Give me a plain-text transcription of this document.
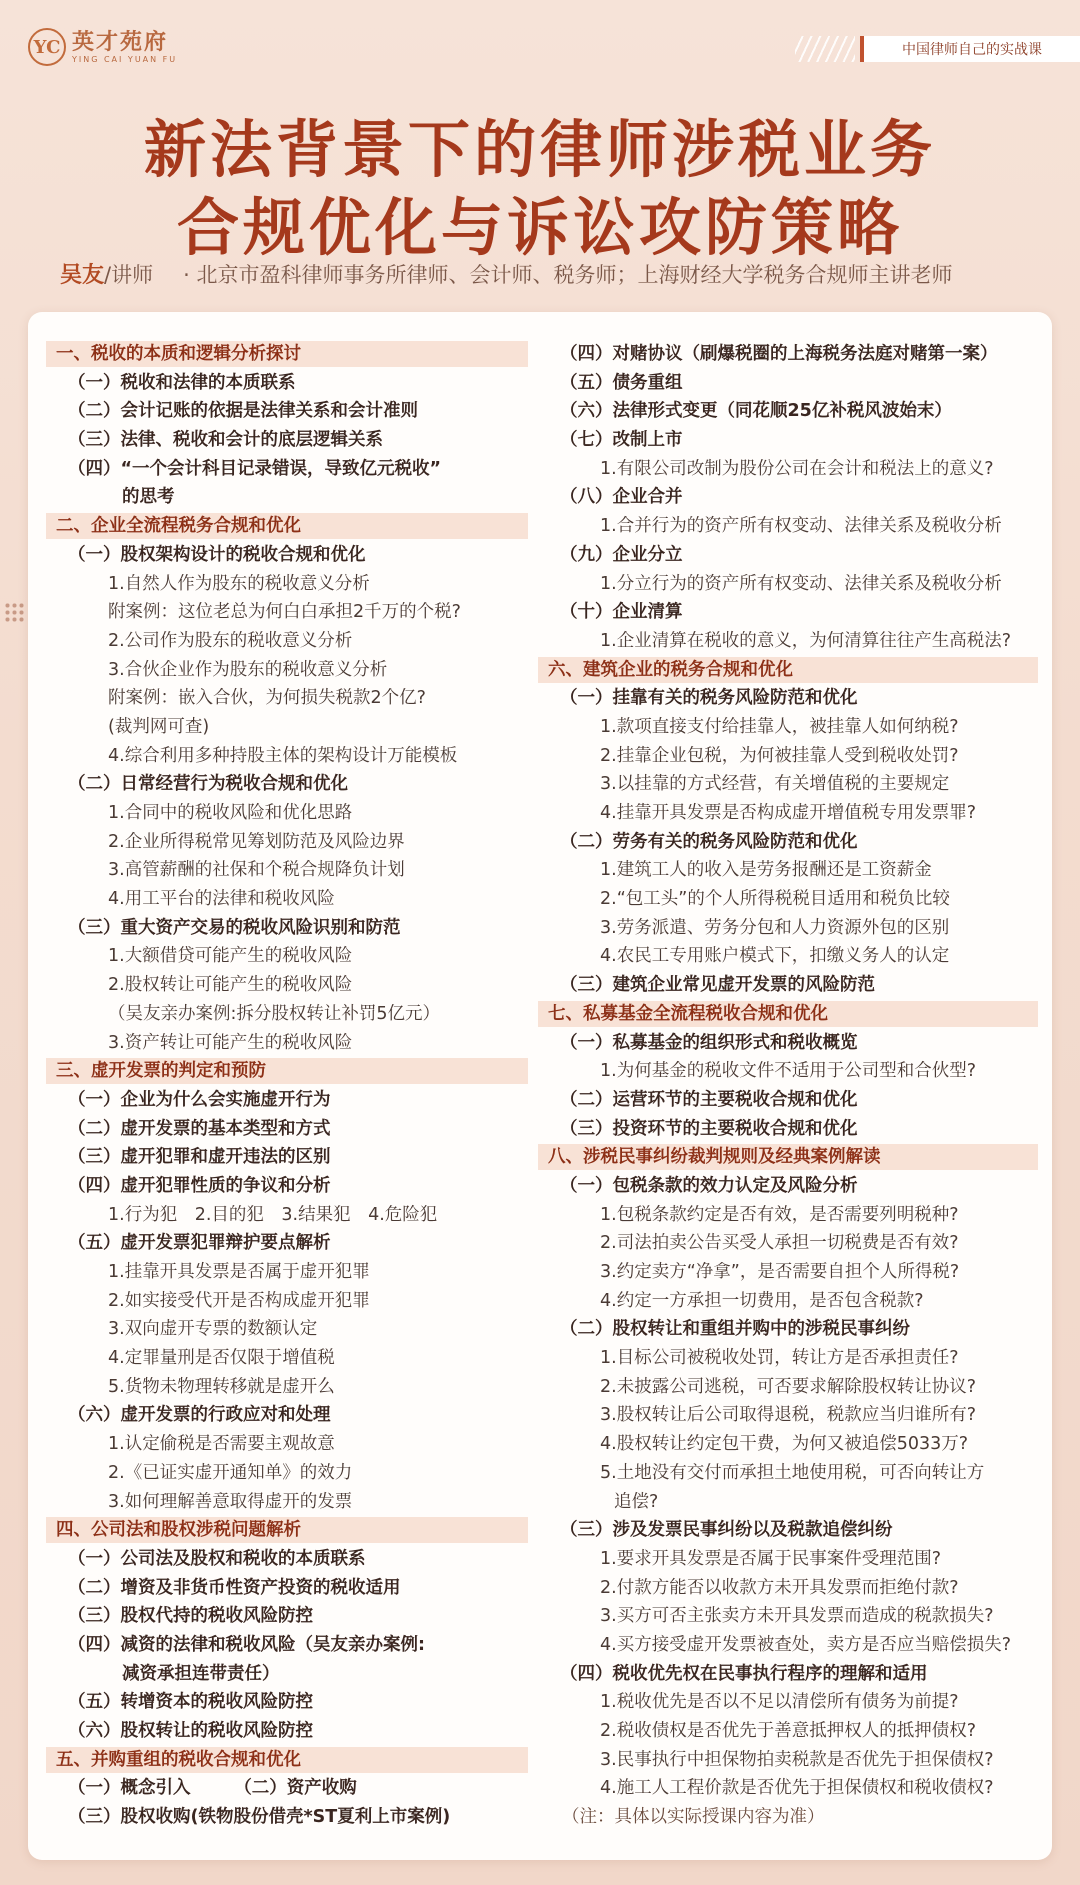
YC 英才苑府
YING CAI YUAN FU
中国律师自己的实战课
新法背景下的律师涉税业务
合规优化与诉讼攻防策略
吴友/讲师 · 北京市盈科律师事务所律师、会计师、税务师；上海财经大学税务合规师主讲老师
一、税收的本质和逻辑分析探讨
（一）税收和法律的本质联系
（二）会计记账的依据是法律关系和会计准则
（三）法律、税收和会计的底层逻辑关系
（四）“一个会计科目记录错误，导致亿元税收”
的思考
二、企业全流程税务合规和优化
（一）股权架构设计的税收合规和优化
1.自然人作为股东的税收意义分析
附案例：这位老总为何白白承担2千万的个税?
2.公司作为股东的税收意义分析
3.合伙企业作为股东的税收意义分析
附案例：嵌入合伙，为何损失税款2个亿?
(裁判网可查)
4.综合利用多种持股主体的架构设计万能模板
（二）日常经营行为税收合规和优化
1.合同中的税收风险和优化思路
2.企业所得税常见筹划防范及风险边界
3.高管薪酬的社保和个税合规降负计划
4.用工平台的法律和税收风险
（三）重大资产交易的税收风险识别和防范
1.大额借贷可能产生的税收风险
2.股权转让可能产生的税收风险
（吴友亲办案例:拆分股权转让补罚5亿元）
3.资产转让可能产生的税收风险
三、虚开发票的判定和预防
（一）企业为什么会实施虚开行为
（二）虚开发票的基本类型和方式
（三）虚开犯罪和虚开违法的区别
（四）虚开犯罪性质的争议和分析
1.行为犯　2.目的犯　3.结果犯　4.危险犯
（五）虚开发票犯罪辩护要点解析
1.挂靠开具发票是否属于虚开犯罪
2.如实接受代开是否构成虚开犯罪
3.双向虚开专票的数额认定
4.定罪量刑是否仅限于增值税
5.货物未物理转移就是虚开么
（六）虚开发票的行政应对和处理
1.认定偷税是否需要主观故意
2.《已证实虚开通知单》的效力
3.如何理解善意取得虚开的发票
四、公司法和股权涉税问题解析
（一）公司法及股权和税收的本质联系
（二）增资及非货币性资产投资的税收适用
（三）股权代持的税收风险防控
（四）减资的法律和税收风险（吴友亲办案例:
减资承担连带责任）
（五）转增资本的税收风险防控
（六）股权转让的税收风险防控
五、并购重组的税收合规和优化
（一）概念引入　　　（二）资产收购
（三）股权收购(铁物股份借壳*ST夏利上市案例)
（四）对赌协议（刷爆税圈的上海税务法庭对赌第一案）
（五）债务重组
（六）法律形式变更（同花顺25亿补税风波始末）
（七）改制上市
1.有限公司改制为股份公司在会计和税法上的意义?
（八）企业合并
1.合并行为的资产所有权变动、法律关系及税收分析
（九）企业分立
1.分立行为的资产所有权变动、法律关系及税收分析
（十）企业清算
1.企业清算在税收的意义，为何清算往往产生高税法?
六、建筑企业的税务合规和优化
（一）挂靠有关的税务风险防范和优化
1.款项直接支付给挂靠人，被挂靠人如何纳税?
2.挂靠企业包税，为何被挂靠人受到税收处罚?
3.以挂靠的方式经营，有关增值税的主要规定
4.挂靠开具发票是否构成虚开增值税专用发票罪?
（二）劳务有关的税务风险防范和优化
1.建筑工人的收入是劳务报酬还是工资薪金
2.“包工头”的个人所得税税目适用和税负比较
3.劳务派遣、劳务分包和人力资源外包的区别
4.农民工专用账户模式下，扣缴义务人的认定
（三）建筑企业常见虚开发票的风险防范
七、私募基金全流程税收合规和优化
（一）私募基金的组织形式和税收概览
1.为何基金的税收文件不适用于公司型和合伙型?
（二）运营环节的主要税收合规和优化
（三）投资环节的主要税收合规和优化
八、涉税民事纠纷裁判规则及经典案例解读
（一）包税条款的效力认定及风险分析
1.包税条款约定是否有效，是否需要列明税种?
2.司法拍卖公告买受人承担一切税费是否有效?
3.约定卖方“净拿”，是否需要自担个人所得税?
4.约定一方承担一切费用，是否包含税款?
（二）股权转让和重组并购中的涉税民事纠纷
1.目标公司被税收处罚，转让方是否承担责任?
2.未披露公司逃税，可否要求解除股权转让协议?
3.股权转让后公司取得退税，税款应当归谁所有?
4.股权转让约定包干费，为何又被追偿5033万?
5.土地没有交付而承担土地使用税，可否向转让方
追偿?
（三）涉及发票民事纠纷以及税款追偿纠纷
1.要求开具发票是否属于民事案件受理范围?
2.付款方能否以收款方未开具发票而拒绝付款?
3.买方可否主张卖方未开具发票而造成的税款损失?
4.买方接受虚开发票被查处，卖方是否应当赔偿损失?
（四）税收优先权在民事执行程序的理解和适用
1.税收优先是否以不足以清偿所有债务为前提?
2.税收债权是否优先于善意抵押权人的抵押债权?
3.民事执行中担保物拍卖税款是否优先于担保债权?
4.施工人工程价款是否优先于担保债权和税收债权?
（注：具体以实际授课内容为准）
